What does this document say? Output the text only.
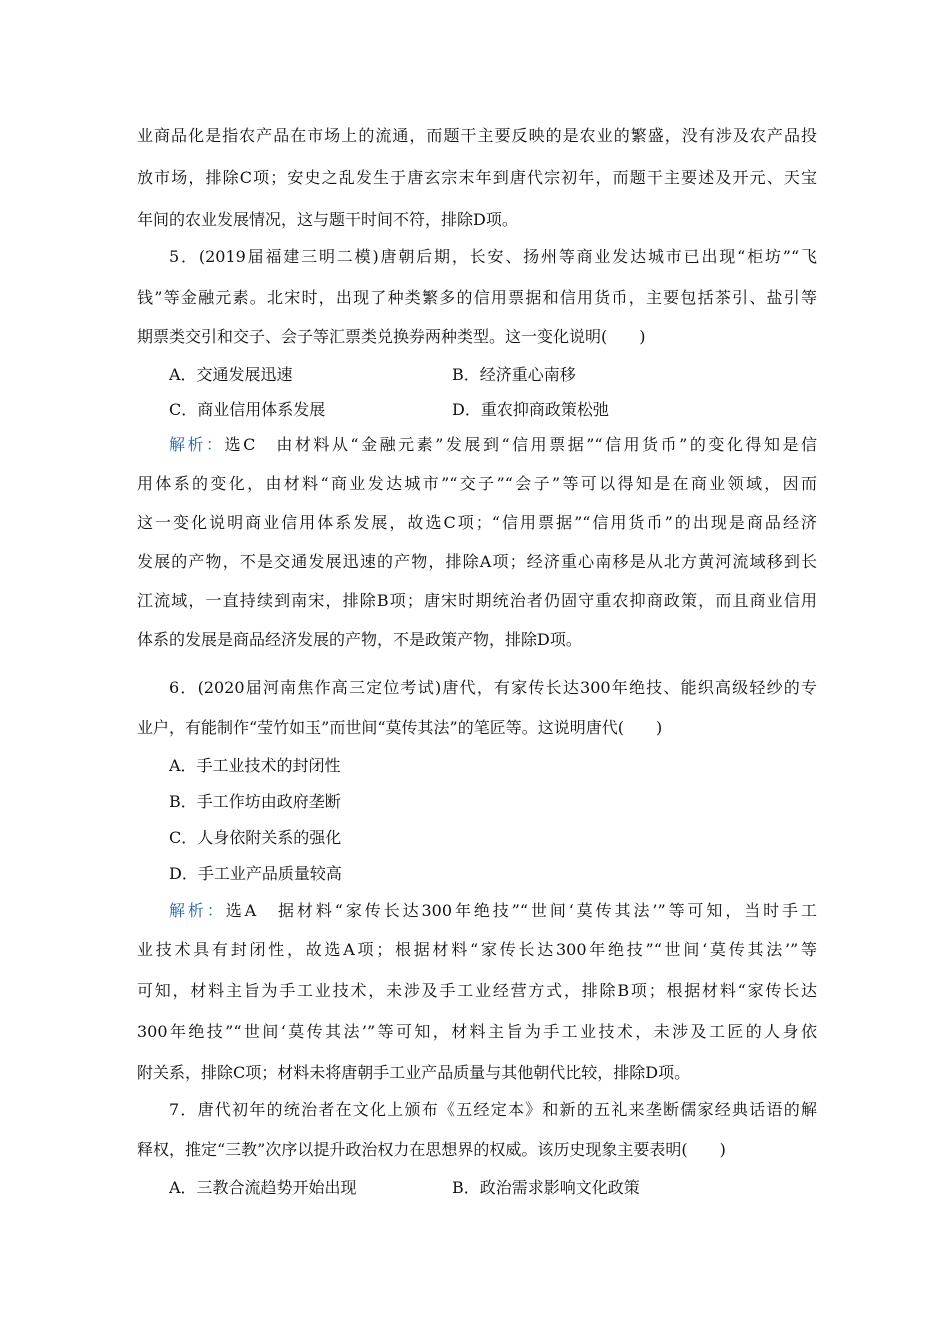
业商品化是指农产品在市场上的流通，而题干主要反映的是农业的繁盛，没有涉及农产品投
放市场，排除C项；安史之乱发生于唐玄宗末年到唐代宗初年，而题干主要述及开元、天宝
年间的农业发展情况，这与题干时间不符，排除D项。
5．(2019届福建三明二模)唐朝后期，长安、扬州等商业发达城市已出现“柜坊”“飞
钱”等金融元素。北宋时，出现了种类繁多的信用票据和信用货币，主要包括茶引、盐引等
期票类交引和交子、会子等汇票类兑换券两种类型。这一变化说明(　　)
A．交通发展迅速	B．经济重心南移
C．商业信用体系发展	D．重农抑商政策松弛
解析：选C　由材料从“金融元素”发展到“信用票据”“信用货币”的变化得知是信
用体系的变化，由材料“商业发达城市”“交子”“会子”等可以得知是在商业领域，因而
这一变化说明商业信用体系发展，故选C项；“信用票据”“信用货币”的出现是商品经济
发展的产物，不是交通发展迅速的产物，排除A项；经济重心南移是从北方黄河流域移到长
江流域，一直持续到南宋，排除B项；唐宋时期统治者仍固守重农抑商政策，而且商业信用
体系的发展是商品经济发展的产物，不是政策产物，排除D项。
6．(2020届河南焦作高三定位考试)唐代，有家传长达300年绝技、能织高级轻纱的专
业户，有能制作“莹竹如玉”而世间“莫传其法”的笔匠等。这说明唐代(　　)
A．手工业技术的封闭性
B．手工作坊由政府垄断
C．人身依附关系的强化
D．手工业产品质量较高
解析：选A　据材料“家传长达300年绝技”“世间‘莫传其法’”等可知，当时手工
业技术具有封闭性，故选A项；根据材料“家传长达300年绝技”“世间‘莫传其法’”等
可知，材料主旨为手工业技术，未涉及手工业经营方式，排除B项；根据材料“家传长达
300年绝技”“世间‘莫传其法’”等可知，材料主旨为手工业技术，未涉及工匠的人身依
附关系，排除C项；材料未将唐朝手工业产品质量与其他朝代比较，排除D项。
7．唐代初年的统治者在文化上颁布《五经定本》和新的五礼来垄断儒家经典话语的解
释权，推定“三教”次序以提升政治权力在思想界的权威。该历史现象主要表明(　　)
A．三教合流趋势开始出现	B．政治需求影响文化政策
